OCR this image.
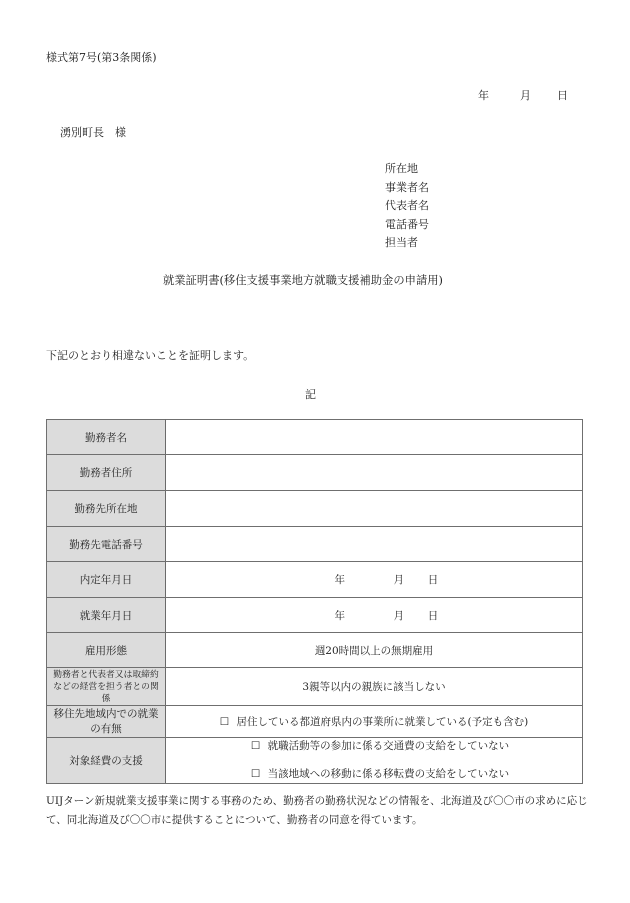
様式第7号(第3条関係)
年	月 日
湧別町長　様
所在地
事業者名
代表者名
電話番号
担当者
就業証明書(移住支援事業地方就職支援補助金の申請用)
下記のとおり相違ないことを証明します。
記
勤務者名	
勤務者住所	
勤務先所在地	
勤務先電話番号	
内定年月日	年 月 日
就業年月日	年 月 日
雇用形態	週20時間以上の無期雇用
勤務者と代表者又は取締約などの経営を担う者との関係	3親等以内の親族に該当しない
移住先地域内での就業の有無	☐ 居住している都道府県内の事業所に就業している(予定も含む)
対象経費の支援	☐ 就職活動等の参加に係る交通費の支給をしていない
☐ 当該地域への移動に係る移転費の支給をしていない
UIJターン新規就業支援事業に関する事務のため、勤務者の勤務状況などの情報を、北海道及び〇〇市の求めに応じて、同北海道及び〇〇市に提供することについて、勤務者の同意を得ています。
